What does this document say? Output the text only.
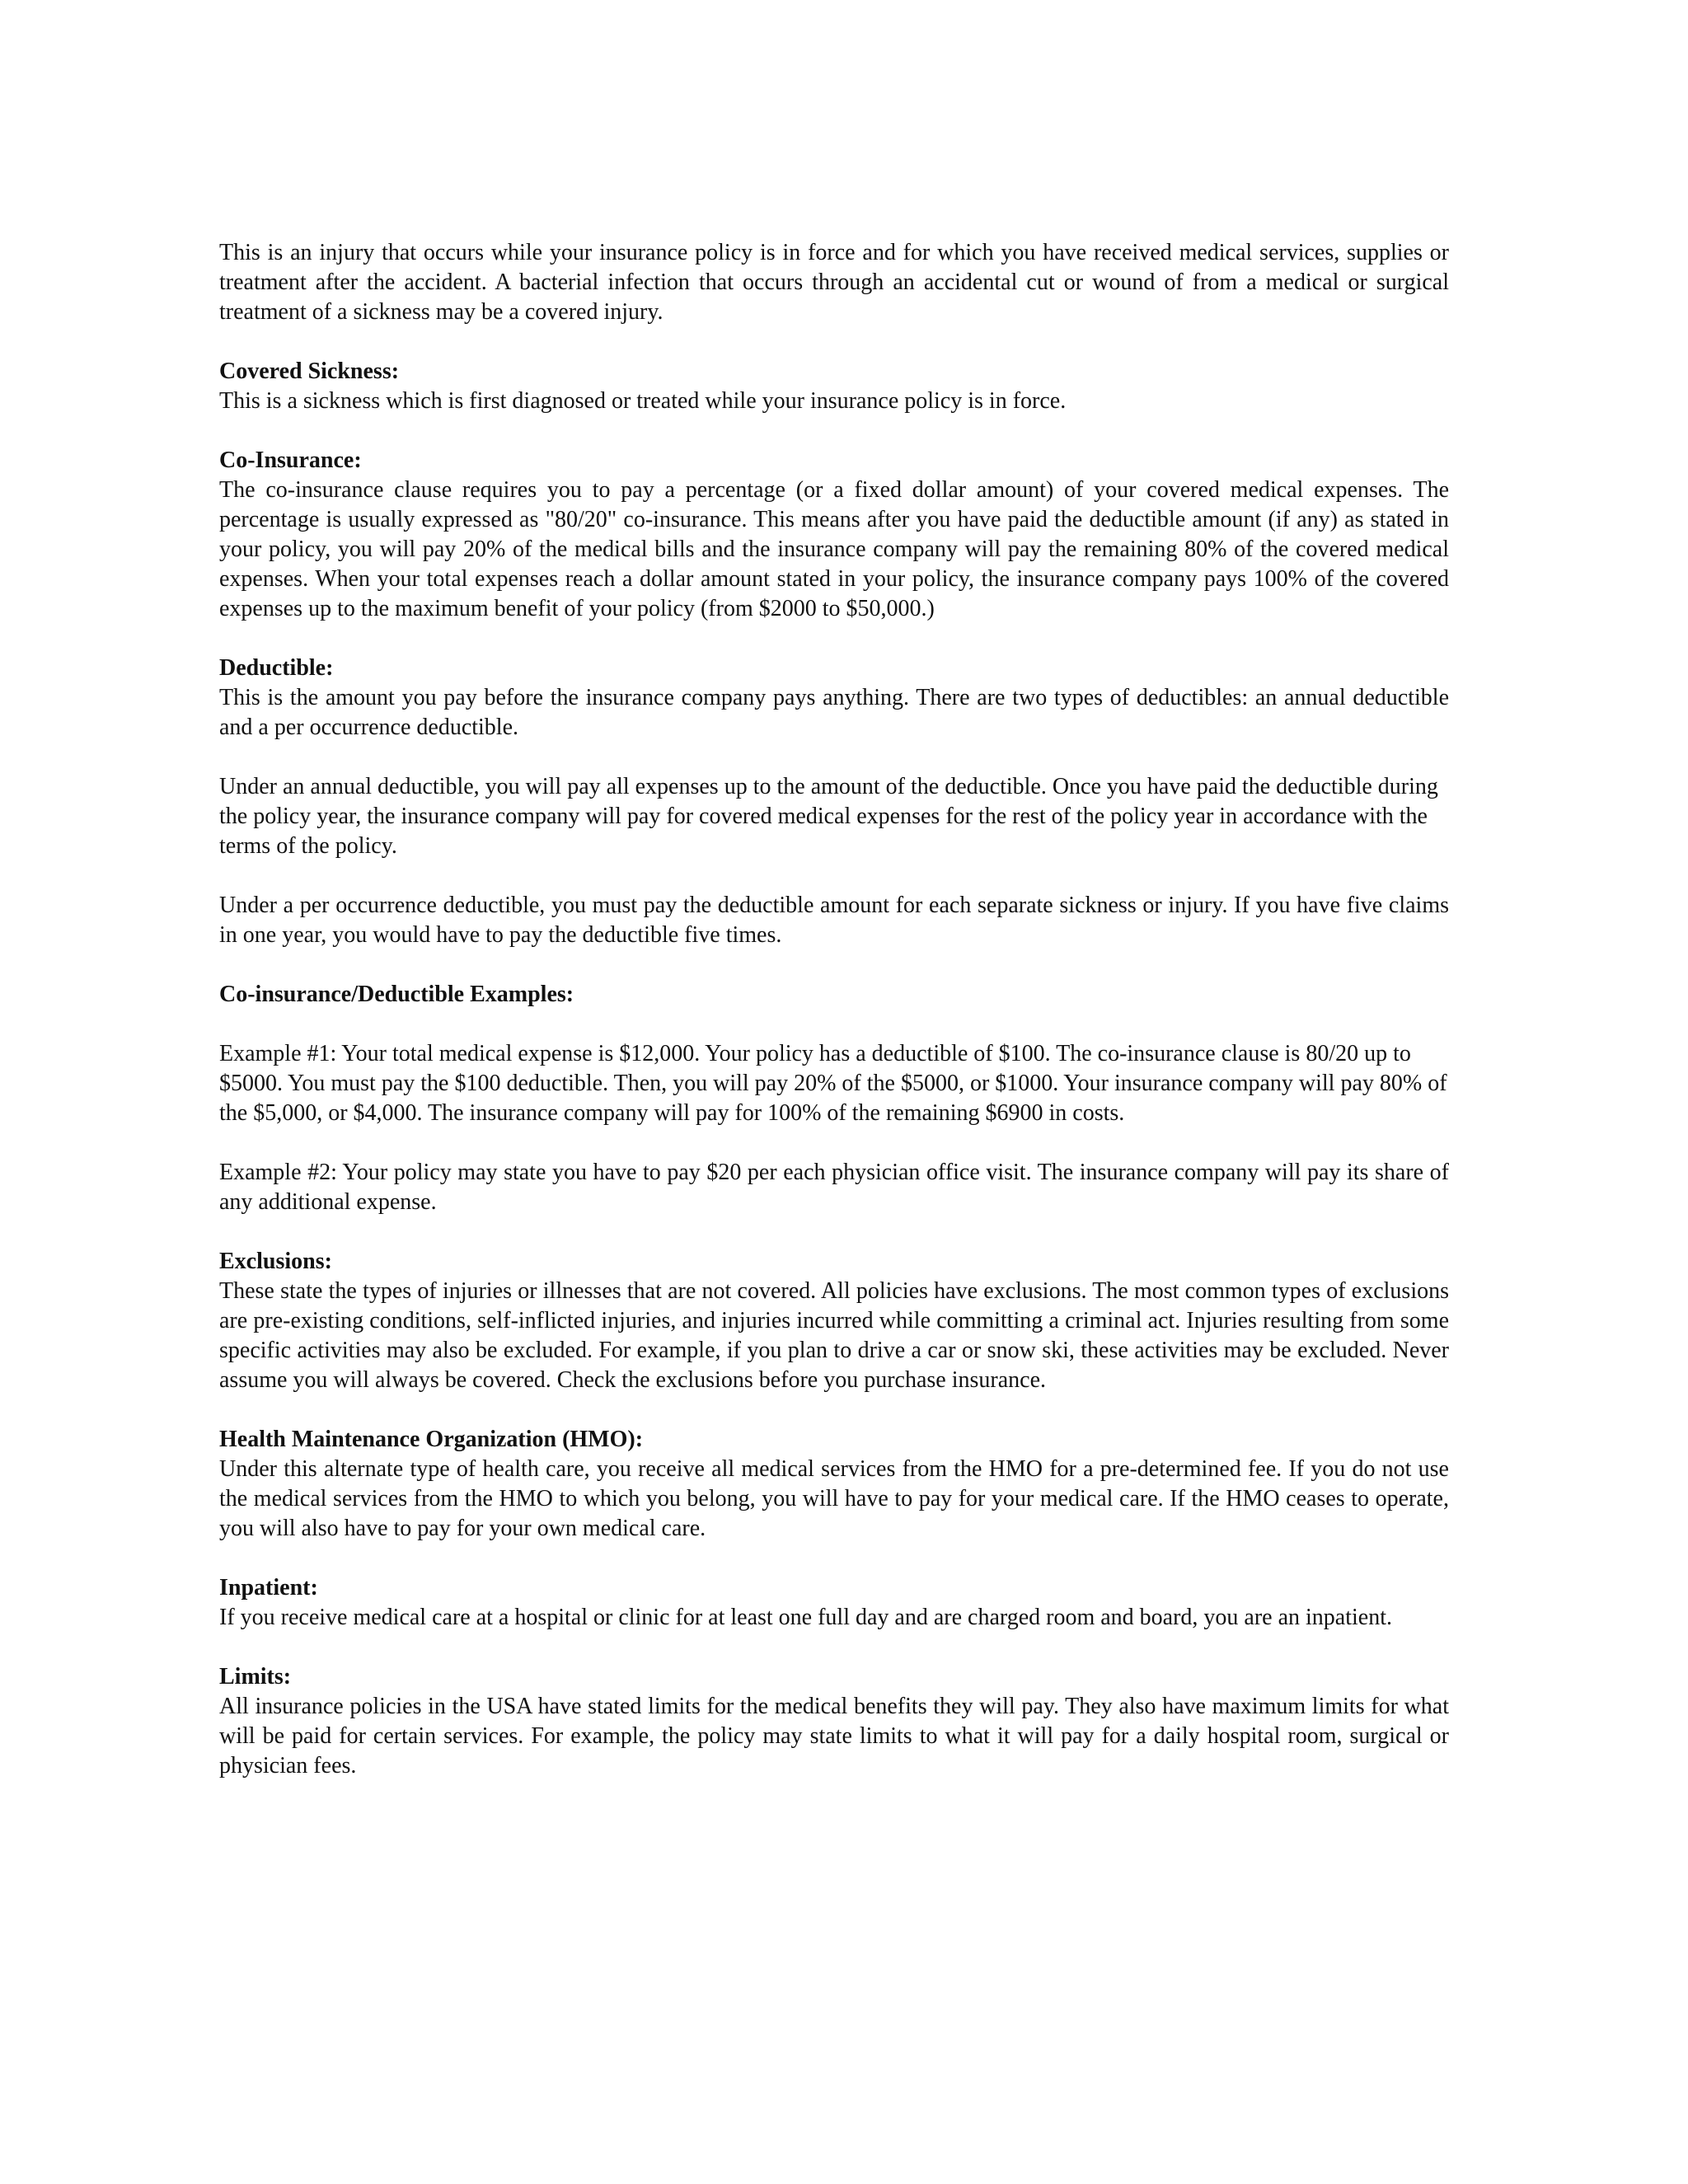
This is an injury that occurs while your insurance policy is in force and for which you have received medical services, supplies or treatment after the accident. A bacterial infection that occurs through an accidental cut or wound of from a medical or surgical treatment of a sickness may be a covered injury.

Covered Sickness:
This is a sickness which is first diagnosed or treated while your insurance policy is in force.

Co-Insurance:
The co-insurance clause requires you to pay a percentage (or a fixed dollar amount) of your covered medical expenses. The percentage is usually expressed as "80/20" co-insurance. This means after you have paid the deductible amount (if any) as stated in your policy, you will pay 20% of the medical bills and the insurance company will pay the remaining 80% of the covered medical expenses. When your total expenses reach a dollar amount stated in your policy, the insurance company pays 100% of the covered expenses up to the maximum benefit of your policy (from $2000 to $50,000.)

Deductible:
This is the amount you pay before the insurance company pays anything. There are two types of deductibles: an annual deductible and a per occurrence deductible.

Under an annual deductible, you will pay all expenses up to the amount of the deductible. Once you have paid the deductible during the policy year, the insurance company will pay for covered medical expenses for the rest of the policy year in accordance with the terms of the policy.

Under a per occurrence deductible, you must pay the deductible amount for each separate sickness or injury. If you have five claims in one year, you would have to pay the deductible five times.

Co-insurance/Deductible Examples:

Example #1: Your total medical expense is $12,000. Your policy has a deductible of $100. The co-insurance clause is 80/20 up to $5000. You must pay the $100 deductible. Then, you will pay 20% of the $5000, or $1000. Your insurance company will pay 80% of the $5,000, or $4,000. The insurance company will pay for 100% of the remaining $6900 in costs.

Example #2: Your policy may state you have to pay $20 per each physician office visit. The insurance company will pay its share of any additional expense.

Exclusions:
These state the types of injuries or illnesses that are not covered. All policies have exclusions. The most common types of exclusions are pre-existing conditions, self-inflicted injuries, and injuries incurred while committing a criminal act. Injuries resulting from some specific activities may also be excluded. For example, if you plan to drive a car or snow ski, these activities may be excluded. Never assume you will always be covered. Check the exclusions before you purchase insurance.

Health Maintenance Organization (HMO):
Under this alternate type of health care, you receive all medical services from the HMO for a pre-determined fee. If you do not use the medical services from the HMO to which you belong, you will have to pay for your medical care. If the HMO ceases to operate, you will also have to pay for your own medical care.

Inpatient:
If you receive medical care at a hospital or clinic for at least one full day and are charged room and board, you are an inpatient.

Limits:
All insurance policies in the USA have stated limits for the medical benefits they will pay. They also have maximum limits for what will be paid for certain services. For example, the policy may state limits to what it will pay for a daily hospital room, surgical or physician fees.
